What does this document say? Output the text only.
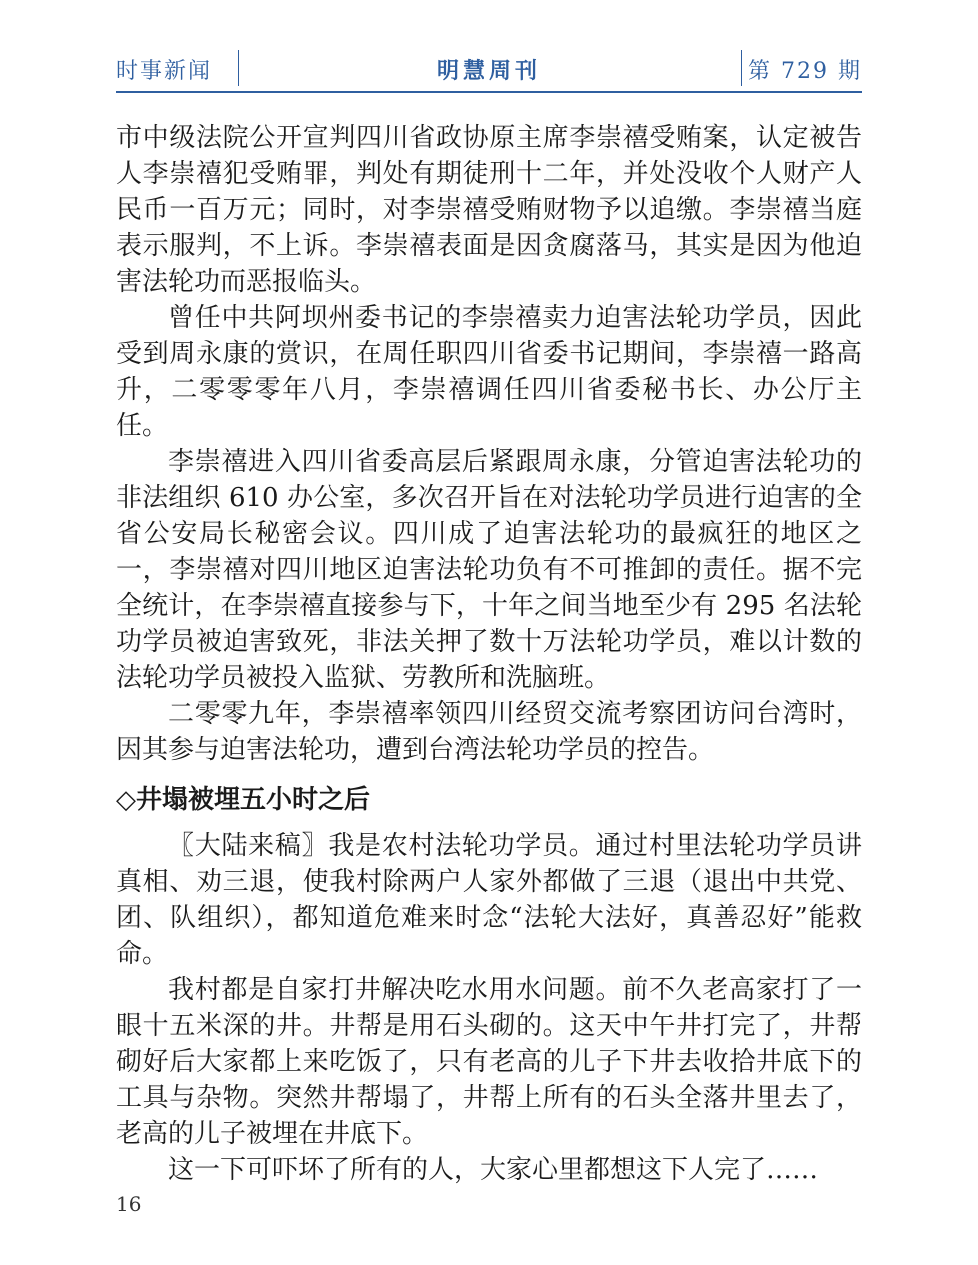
时事新闻	明慧周刊	第 729 期

市中级法院公开宣判四川省政协原主席李崇禧受贿案，认定被告人李崇禧犯受贿罪，判处有期徒刑十二年，并处没收个人财产人民币一百万元；同时，对李崇禧受贿财物予以追缴。李崇禧当庭表示服判，不上诉。李崇禧表面是因贪腐落马，其实是因为他迫害法轮功而恶报临头。

曾任中共阿坝州委书记的李崇禧卖力迫害法轮功学员，因此受到周永康的赏识，在周任职四川省委书记期间，李崇禧一路高升，二零零零年八月，李崇禧调任四川省委秘书长、办公厅主任。

李崇禧进入四川省委高层后紧跟周永康，分管迫害法轮功的非法组织 610 办公室，多次召开旨在对法轮功学员进行迫害的全省公安局长秘密会议。四川成了迫害法轮功的最疯狂的地区之一，李崇禧对四川地区迫害法轮功负有不可推卸的责任。据不完全统计，在李崇禧直接参与下，十年之间当地至少有 295 名法轮功学员被迫害致死，非法关押了数十万法轮功学员，难以计数的法轮功学员被投入监狱、劳教所和洗脑班。

二零零九年，李崇禧率领四川经贸交流考察团访问台湾时，因其参与迫害法轮功，遭到台湾法轮功学员的控告。

◇井塌被埋五小时之后

〖大陆来稿〗我是农村法轮功学员。通过村里法轮功学员讲真相、劝三退，使我村除两户人家外都做了三退（退出中共党、团、队组织），都知道危难来时念“法轮大法好，真善忍好”能救命。

我村都是自家打井解决吃水用水问题。前不久老高家打了一眼十五米深的井。井帮是用石头砌的。这天中午井打完了，井帮砌好后大家都上来吃饭了，只有老高的儿子下井去收拾井底下的工具与杂物。突然井帮塌了，井帮上所有的石头全落井里去了，老高的儿子被埋在井底下。

这一下可吓坏了所有的人，大家心里都想这下人完了……

16
